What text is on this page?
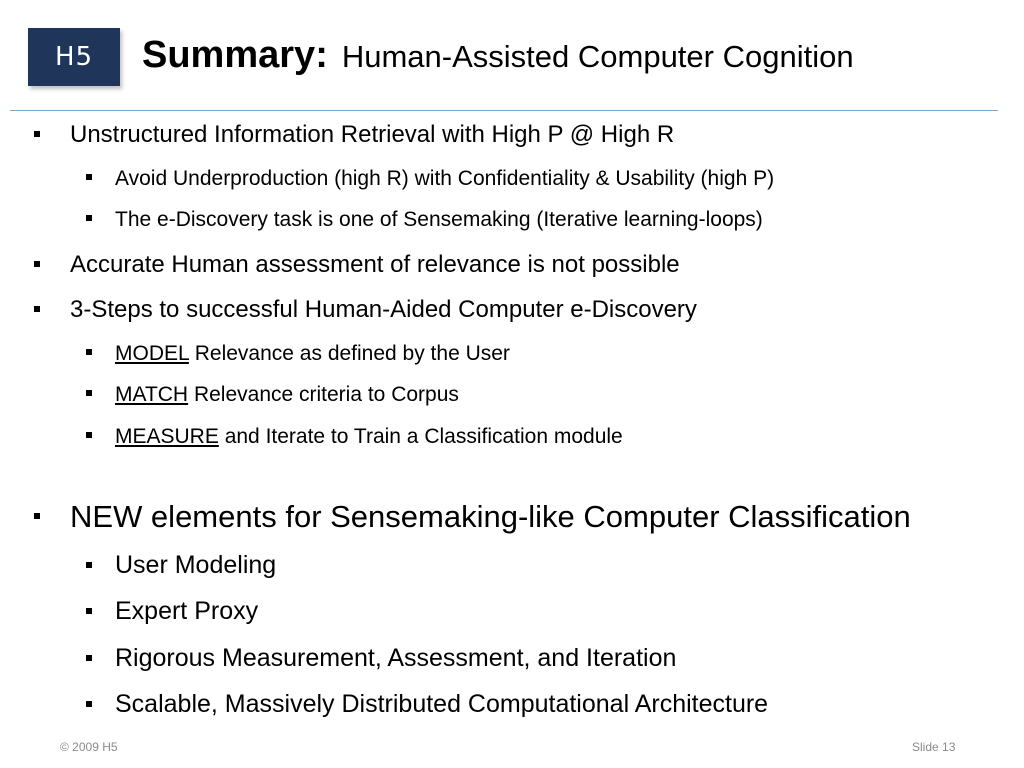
H5 Summary: Human-Assisted Computer Cognition
Unstructured Information Retrieval with High P @ High R
Avoid Underproduction (high R) with Confidentiality & Usability (high P)
The e-Discovery task is one of Sensemaking (Iterative learning-loops)
Accurate Human assessment of relevance is not possible
3-Steps to successful Human-Aided Computer e-Discovery
MODEL Relevance as defined by the User
MATCH Relevance criteria to Corpus
MEASURE and Iterate to Train a Classification module
NEW elements for Sensemaking-like Computer Classification
User Modeling
Expert Proxy
Rigorous Measurement, Assessment, and Iteration
Scalable, Massively Distributed Computational Architecture
© 2009 H5	Slide 13
